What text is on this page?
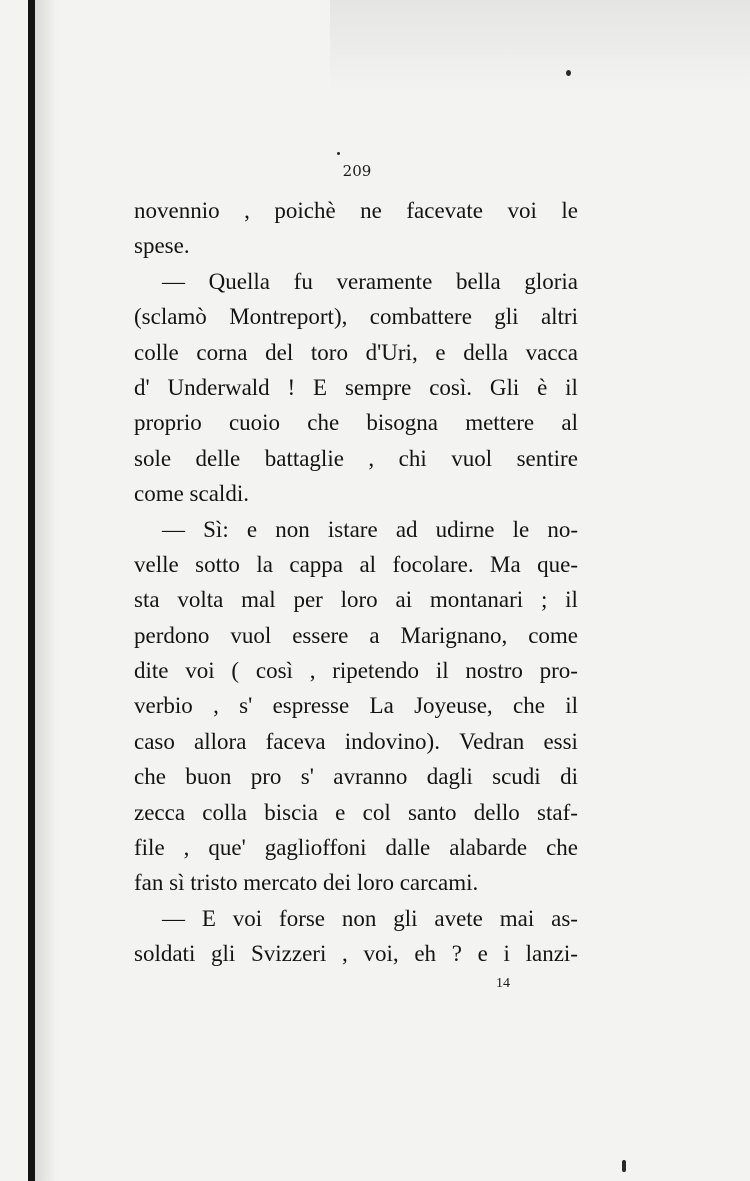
209
novennio , poichè ne facevate voi le
spese.
— Quella fu veramente bella gloria
(sclamò Montreport), combattere gli altri
colle corna del toro d'Uri, e della vacca
d' Underwald ! E sempre così. Gli è il
proprio cuoio che bisogna mettere al
sole delle battaglie , chi vuol sentire
come scaldi.
— Sì: e non istare ad udirne le no-
velle sotto la cappa al focolare. Ma que-
sta volta mal per loro ai montanari ; il
perdono vuol essere a Marignano, come
dite voi ( così , ripetendo il nostro pro-
verbio , s' espresse La Joyeuse, che il
caso allora faceva indovino). Vedran essi
che buon pro s' avranno dagli scudi di
zecca colla biscia e col santo dello staf-
file , que' gaglioffoni dalle alabarde che
fan sì tristo mercato dei loro carcami.
— E voi forse non gli avete mai as-
soldati gli Svizzeri , voi, eh ? e i lanzi-
14
